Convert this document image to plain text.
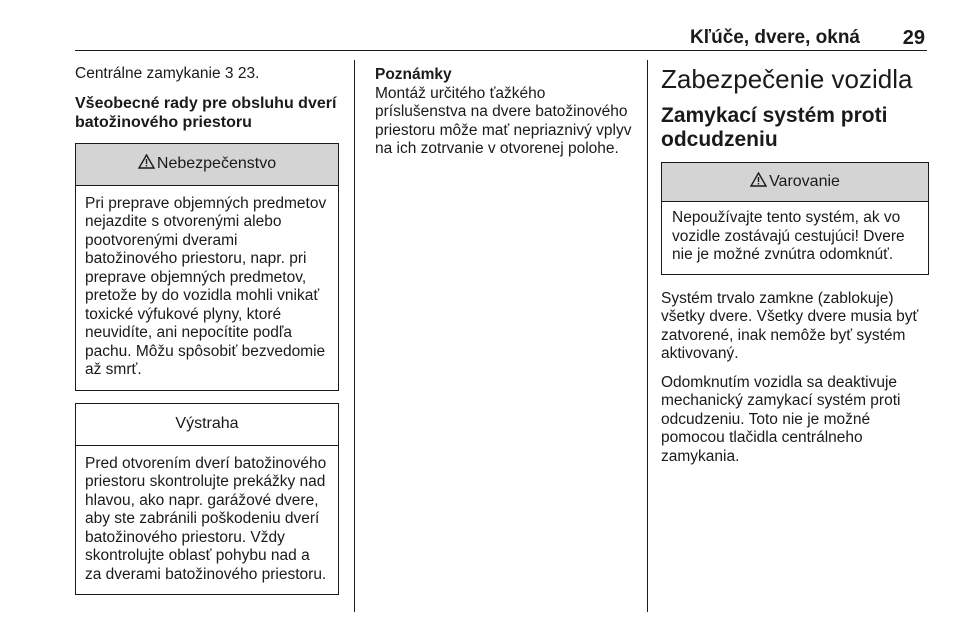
Kľúče, dvere, okná	29

Centrálne zamykanie 3 23.

Všeobecné rady pre obsluhu dverí batožinového priestoru

Nebezpečenstvo
Pri preprave objemných predmetov nejazdite s otvorenými alebo pootvorenými dverami batožinového priestoru, napr. pri preprave objemných predmetov, pretože by do vozidla mohli vnikať toxické výfukové plyny, ktoré neuvidíte, ani nepocítite podľa pachu. Môžu spôsobiť bezvedomie až smrť.
Výstraha
Pred otvorením dverí batožinového priestoru skontrolujte prekážky nad hlavou, ako napr. garážové dvere, aby ste zabránili poškodeniu dverí batožinového priestoru. Vždy skontrolujte oblasť pohybu nad a za dverami batožinového priestoru.

Poznámky

Montáž určitého ťažkého príslušenstva na dvere batožinového priestoru môže mať nepriaznivý vplyv na ich zotrvanie v otvorenej polohe.

Zabezpečenie vozidla
Zamykací systém proti odcudzeniu
Varovanie
Nepoužívajte tento systém, ak vo vozidle zostávajú cestujúci! Dvere nie je možné zvnútra odomknúť.

Systém trvalo zamkne (zablokuje) všetky dvere. Všetky dvere musia byť zatvorené, inak nemôže byť systém aktivovaný.

Odomknutím vozidla sa deaktivuje mechanický zamykací systém proti odcudzeniu. Toto nie je možné pomocou tlačidla centrálneho zamykania.
